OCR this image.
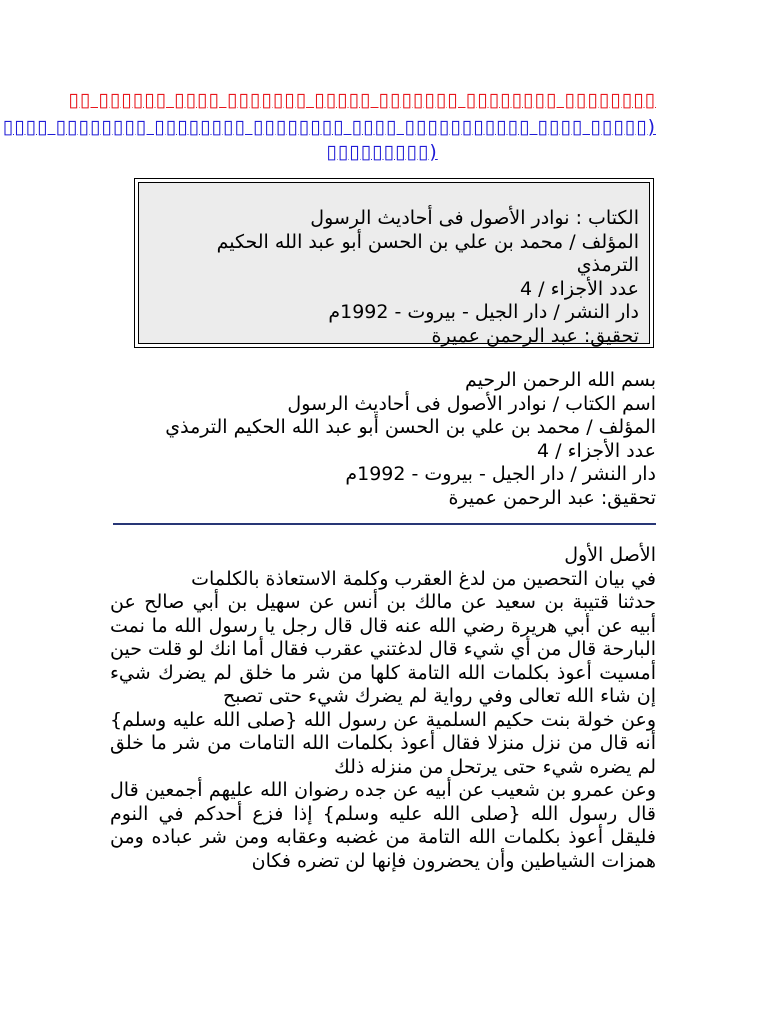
▯▯▯▯▯▯▯▯ ▯▯▯▯▯▯▯▯ ▯▯▯▯▯▯▯ ▯▯▯▯▯ ▯▯▯▯▯▯▯ ▯▯▯▯ ▯▯▯▯▯▯ ▯▯
(▯▯▯▯▯ ▯▯▯▯ ▯▯▯▯▯▯▯▯▯▯▯ ▯▯▯▯ ▯▯▯▯▯▯▯▯ ▯▯▯▯▯▯▯▯ ▯▯▯▯▯▯▯▯ ▯▯▯▯
(▯▯▯▯▯▯▯▯▯
الكتاب : نوادر الأصول فى أحاديث الرسول
المؤلف / محمد بن علي بن الحسن أبو عبد الله الحكيم الترمذي
عدد الأجزاء / 4
دار النشر / دار الجيل - بيروت - 1992م
تحقيق: عبد الرحمن عميرة
بسم الله الرحمن الرحيم
اسم الكتاب / نوادر الأصول فى أحاديث الرسول
المؤلف / محمد بن علي بن الحسن أبو عبد الله الحكيم الترمذي
عدد الأجزاء / 4
دار النشر / دار الجيل - بيروت - 1992م
تحقيق: عبد الرحمن عميرة

الأصل الأول

في بيان التحصين من لدغ العقرب وكلمة الاستعاذة بالكلمات

حدثنا قتيبة بن سعيد عن مالك بن أنس عن سهيل بن أبي صالح عن أبيه عن أبي هريرة رضي الله عنه قال قال رجل يا رسول الله ما نمت البارحة قال من أي شيء قال لدغتني عقرب فقال أما انك لو قلت حين أمسيت أعوذ بكلمات الله التامة كلها من شر ما خلق لم يضرك شيء إن شاء الله تعالى وفي رواية لم يضرك شيء حتى تصبح

وعن خولة بنت حكيم السلمية عن رسول الله {صلى الله عليه وسلم} أنه قال من نزل منزلا فقال أعوذ بكلمات الله التامات من شر ما خلق لم يضره شيء حتى يرتحل من منزله ذلك

وعن عمرو بن شعيب عن أبيه عن جده رضوان الله عليهم أجمعين قال قال رسول الله {صلى الله عليه وسلم} إذا فزع أحدكم في النوم فليقل أعوذ بكلمات الله التامة من غضبه وعقابه ومن شر عباده ومن همزات الشياطين وأن يحضرون فإنها لن تضره فكان
